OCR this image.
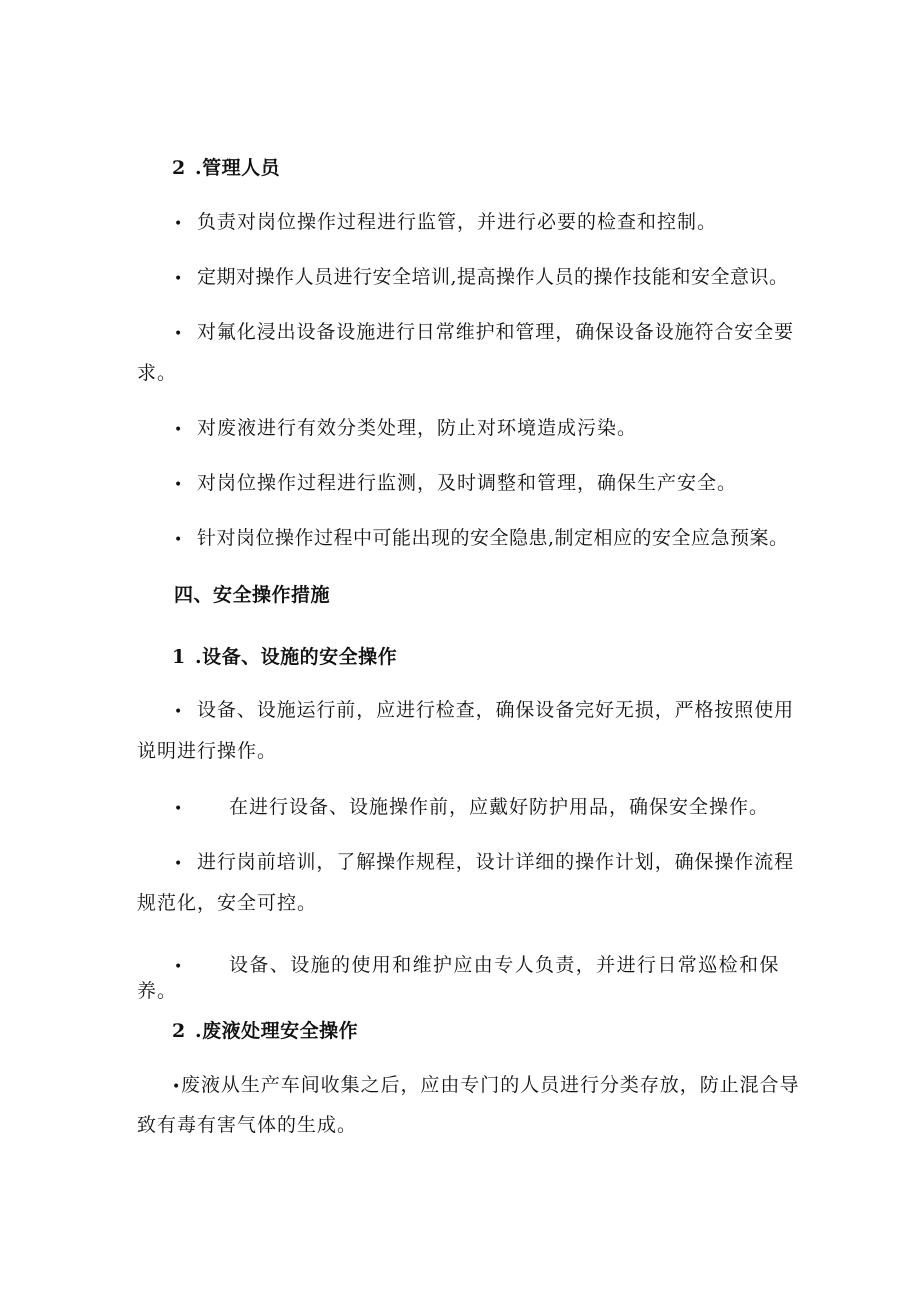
2 .管理人员
• 负责对岗位操作过程进行监管，并进行必要的检查和控制。
• 定期对操作人员进行安全培训,提高操作人员的操作技能和安全意识。
• 对氟化浸出设备设施进行日常维护和管理，确保设备设施符合安全要
求。
• 对废液进行有效分类处理，防止对环境造成污染。
• 对岗位操作过程进行监测，及时调整和管理，确保生产安全。
• 针对岗位操作过程中可能出现的安全隐患,制定相应的安全应急预案。
四、安全操作措施
1 .设备、设施的安全操作
• 设备、设施运行前，应进行检查，确保设备完好无损，严格按照使用
说明进行操作。
• 在进行设备、设施操作前，应戴好防护用品，确保安全操作。
• 进行岗前培训，了解操作规程，设计详细的操作计划，确保操作流程
规范化，安全可控。
• 设备、设施的使用和维护应由专人负责，并进行日常巡检和保
养。
2 .废液处理安全操作
• 废液从生产车间收集之后，应由专门的人员进行分类存放，防止混合导
致有毒有害气体的生成。
